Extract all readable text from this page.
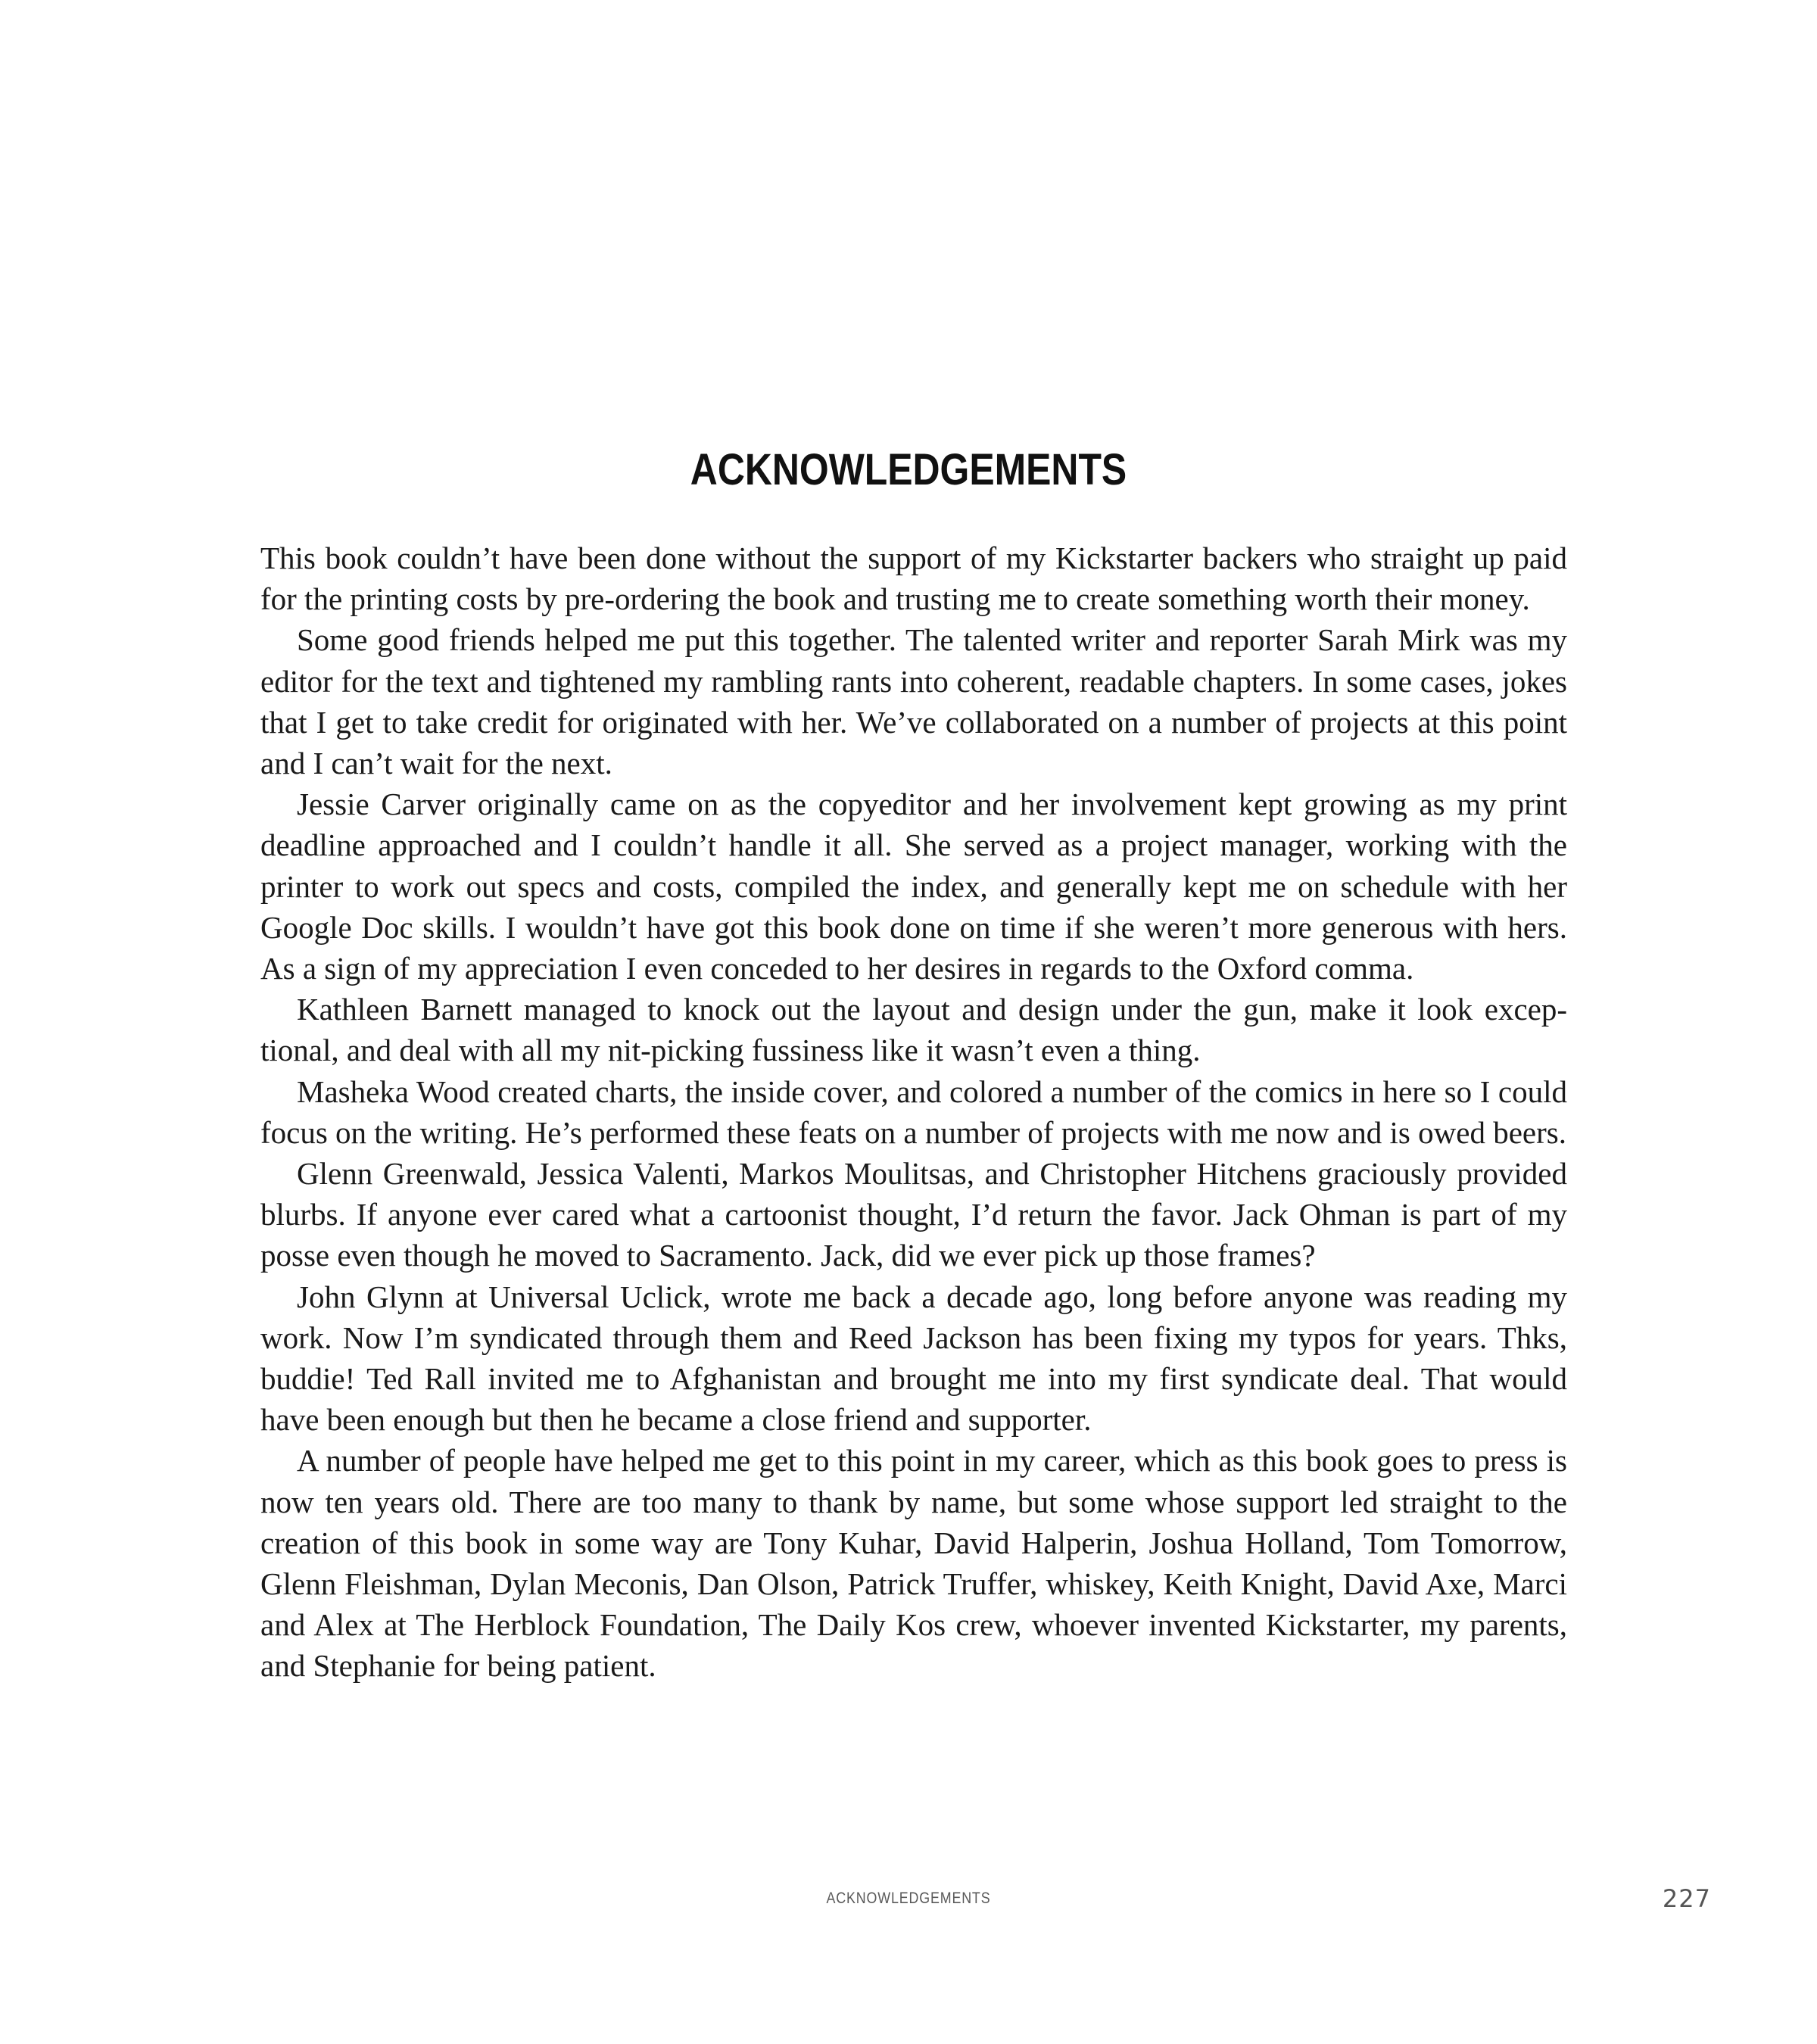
ACKNOWLEDGEMENTS

This book couldn’t have been done without the support of my Kickstarter backers who straight up paid for the printing costs by pre-ordering the book and trusting me to create something worth their money.

Some good friends helped me put this together. The talented writer and reporter Sarah Mirk was my editor for the text and tightened my rambling rants into coherent, readable chapters. In some cases, jokes that I get to take credit for originated with her. We’ve collaborated on a number of projects at this point and I can’t wait for the next.

Jessie Carver originally came on as the copyeditor and her involvement kept growing as my print deadline approached and I couldn’t handle it all. She served as a project manager, working with the printer to work out specs and costs, compiled the index, and generally kept me on schedule with her Google Doc skills. I wouldn’t have got this book done on time if she weren’t more generous with hers. As a sign of my appreciation I even conceded to her desires in regards to the Oxford comma.

Kathleen Barnett managed to knock out the layout and design under the gun, make it look exceptional, and deal with all my nit-picking fussiness like it wasn’t even a thing.

Masheka Wood created charts, the inside cover, and colored a number of the comics in here so I could focus on the writing. He’s performed these feats on a number of projects with me now and is owed beers.

Glenn Greenwald, Jessica Valenti, Markos Moulitsas, and Christopher Hitchens graciously provided blurbs. If anyone ever cared what a cartoonist thought, I’d return the favor. Jack Ohman is part of my posse even though he moved to Sacramento. Jack, did we ever pick up those frames?

John Glynn at Universal Uclick, wrote me back a decade ago, long before anyone was reading my work. Now I’m syndicated through them and Reed Jackson has been fixing my typos for years. Thks, buddie! Ted Rall invited me to Afghanistan and brought me into my first syndicate deal. That would have been enough but then he became a close friend and supporter.

A number of people have helped me get to this point in my career, which as this book goes to press is now ten years old. There are too many to thank by name, but some whose support led straight to the creation of this book in some way are Tony Kuhar, David Halperin, Joshua Holland, Tom Tomorrow, Glenn Fleishman, Dylan Meconis, Dan Olson, Patrick Truffer, whiskey, Keith Knight, David Axe, Marci and Alex at The Herblock Foundation, The Daily Kos crew, whoever invented Kickstarter, my parents, and Stephanie for being patient.

ACKNOWLEDGEMENTS	227
